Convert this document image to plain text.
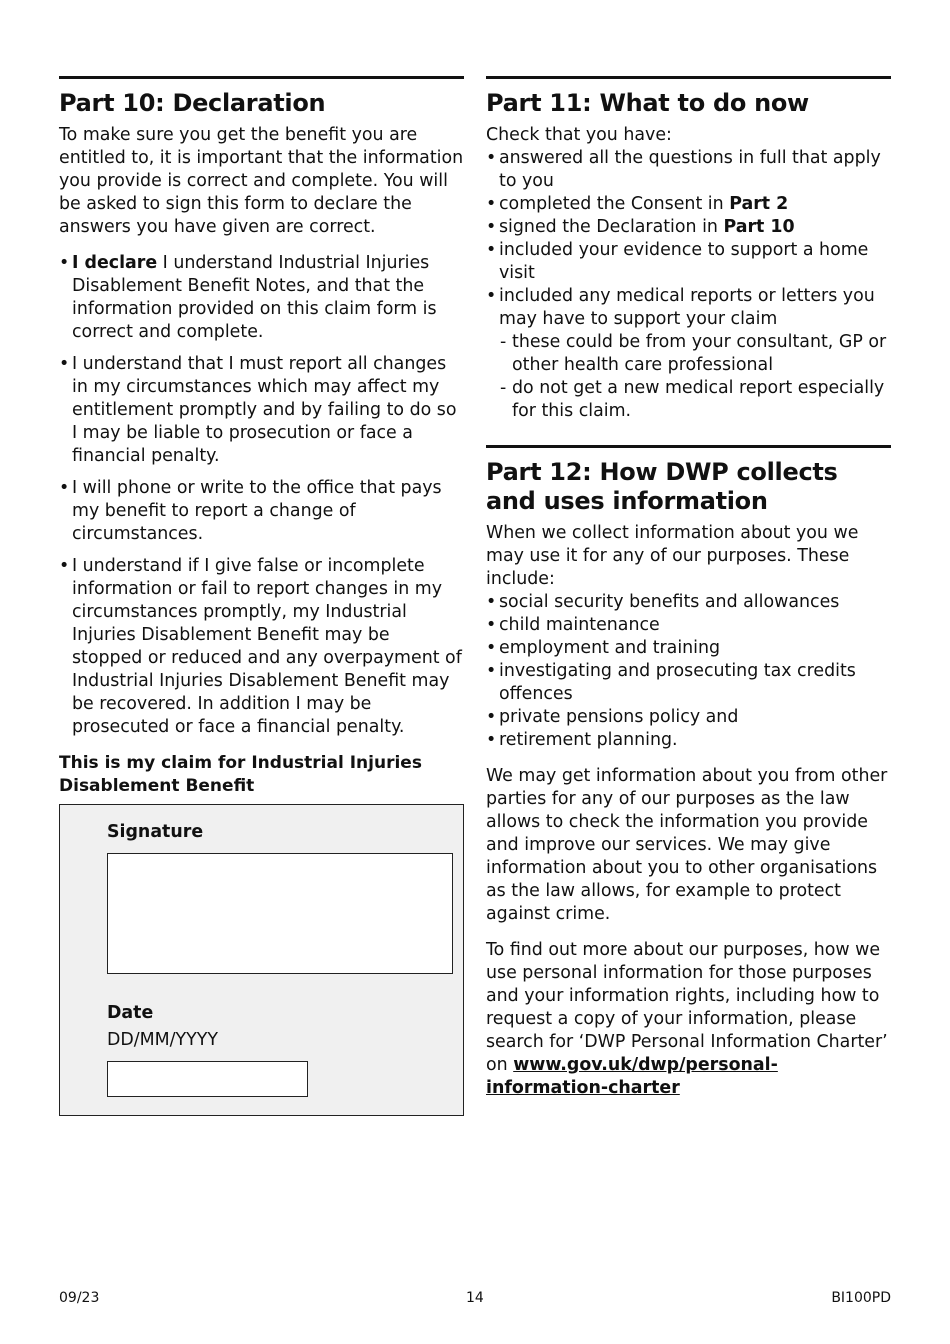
Part 10: Declaration

To make sure you get the benefit you are entitled to, it is important that the information you provide is correct and complete. You will be asked to sign this form to declare the answers you have given are correct.

• I declare I understand Industrial Injuries Disablement Benefit Notes, and that the information provided on this claim form is correct and complete.
• I understand that I must report all changes in my circumstances which may affect my entitlement promptly and by failing to do so I may be liable to prosecution or face a financial penalty.
• I will phone or write to the office that pays my benefit to report a change of circumstances.
• I understand if I give false or incomplete information or fail to report changes in my circumstances promptly, my Industrial Injuries Disablement Benefit may be stopped or reduced and any overpayment of Industrial Injuries Disablement Benefit may be recovered. In addition I may be prosecuted or face a financial penalty.
This is my claim for Industrial Injuries Disablement Benefit
Signature
Date
DD/MM/YYYY
Part 11: What to do now

Check that you have:

• answered all the questions in full that apply to you
• completed the Consent in Part 2
• signed the Declaration in Part 10
• included your evidence to support a home visit
• included any medical reports or letters you may have to support your claim
- these could be from your consultant, GP or other health care professional
- do not get a new medical report especially for this claim.
Part 12: How DWP collects and uses information

When we collect information about you we may use it for any of our purposes. These include:

• social security benefits and allowances
• child maintenance
• employment and training
• investigating and prosecuting tax credits offences
• private pensions policy and
• retirement planning.

We may get information about you from other parties for any of our purposes as the law allows to check the information you provide and improve our services. We may give information about you to other organisations as the law allows, for example to protect against crime.

To find out more about our purposes, how we use personal information for those purposes and your information rights, including how to request a copy of your information, please search for ‘DWP Personal Information Charter’ on www.gov.uk/dwp/personal-information-charter

09/23	14	BI100PD
